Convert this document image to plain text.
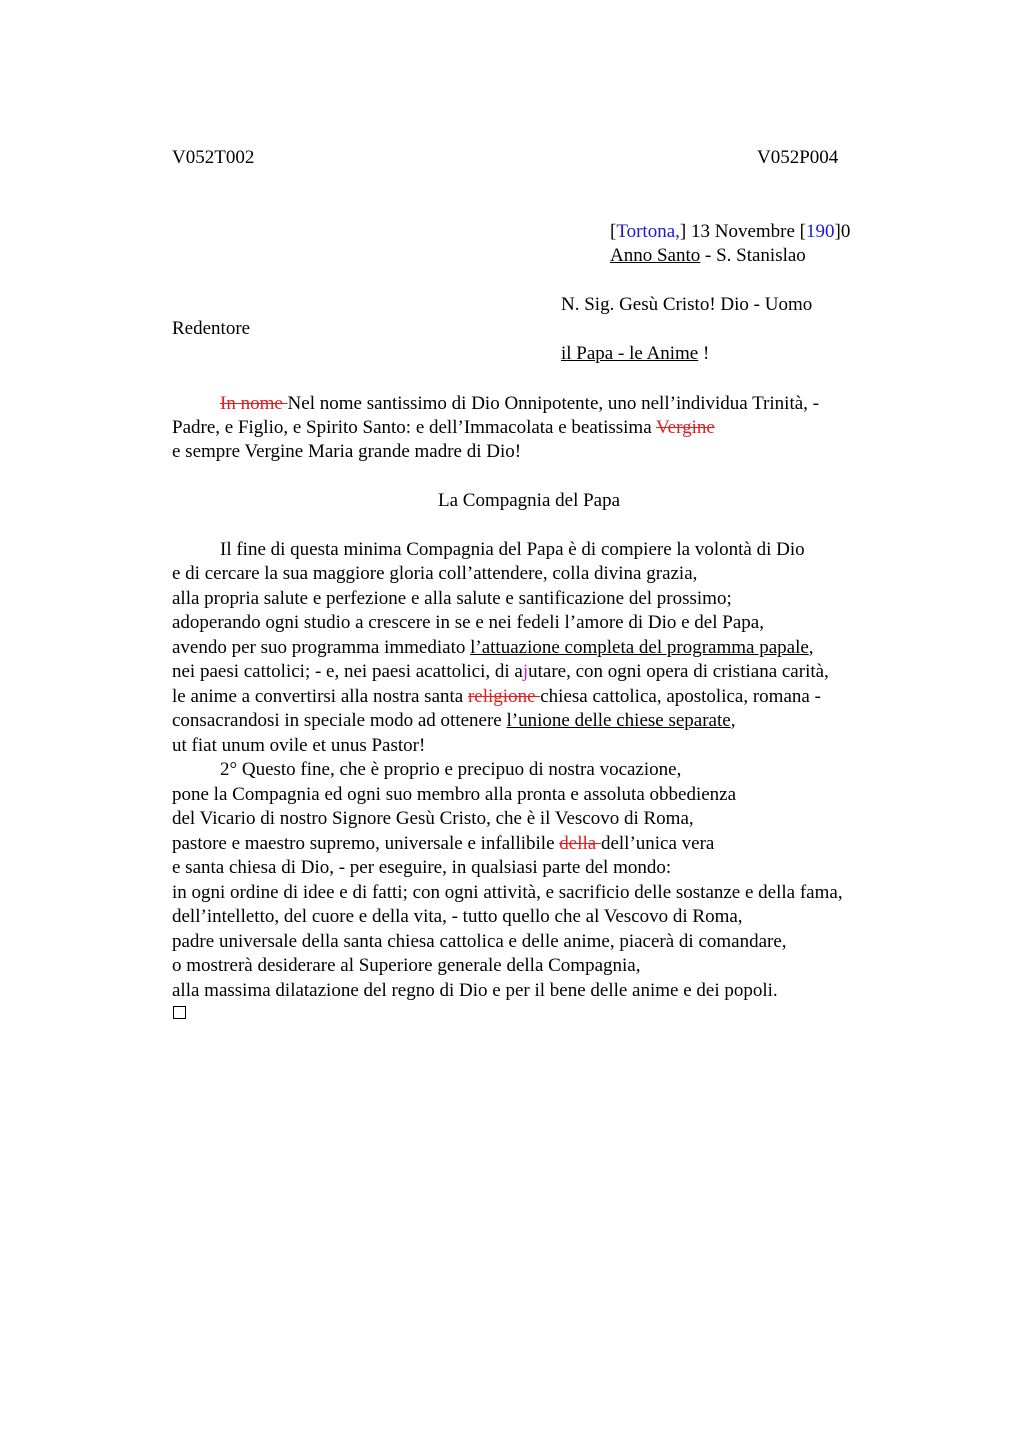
V052T002	V052P004
[Tortona,] 13 Novembre [190]0
Anno Santo - S. Stanislao
N. Sig. Gesù Cristo! Dio - Uomo
Redentore
il Papa - le Anime !
In nome Nel nome santissimo di Dio Onnipotente, uno nell’individua Trinità, -
Padre, e Figlio, e Spirito Santo: e dell’Immacolata e beatissima Vergine
e sempre Vergine Maria grande madre di Dio!
La Compagnia del Papa
Il fine di questa minima Compagnia del Papa è di compiere la volontà di Dio
e di cercare la sua maggiore gloria coll’attendere, colla divina grazia,
alla propria salute e perfezione e alla salute e santificazione del prossimo;
adoperando ogni studio a crescere in se e nei fedeli l’amore di Dio e del Papa,
avendo per suo programma immediato l’attuazione completa del programma papale,
nei paesi cattolici; - e, nei paesi acattolici, di ajutare, con ogni opera di cristiana carità,
le anime a convertirsi alla nostra santa religione chiesa cattolica, apostolica, romana -
consacrandosi in speciale modo ad ottenere l’unione delle chiese separate,
ut fiat unum ovile et unus Pastor!
2° Questo fine, che è proprio e precipuo di nostra vocazione,
pone la Compagnia ed ogni suo membro alla pronta e assoluta obbedienza
del Vicario di nostro Signore Gesù Cristo, che è il Vescovo di Roma,
pastore e maestro supremo, universale e infallibile della dell’unica vera
e santa chiesa di Dio, - per eseguire, in qualsiasi parte del mondo:
in ogni ordine di idee e di fatti; con ogni attività, e sacrificio delle sostanze e della fama,
dell’intelletto, del cuore e della vita, - tutto quello che al Vescovo di Roma,
padre universale della santa chiesa cattolica e delle anime, piacerà di comandare,
o mostrerà desiderare al Superiore generale della Compagnia,
alla massima dilatazione del regno di Dio e per il bene delle anime e dei popoli.
